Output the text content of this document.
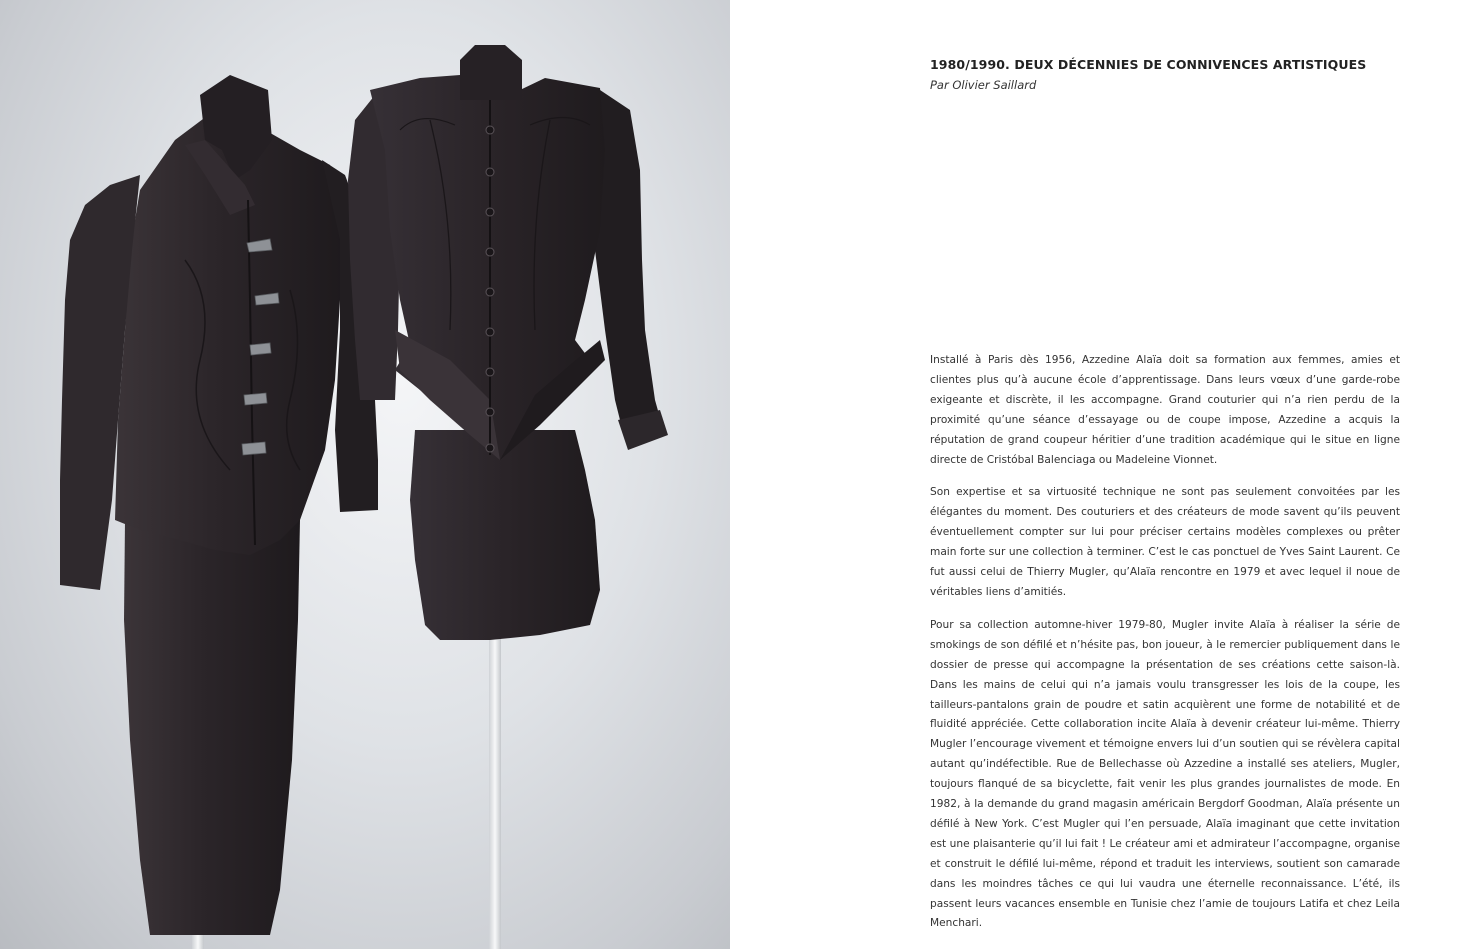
1980/1990. DEUX DÉCENNIES DE CONNIVENCES ARTISTIQUES

Par Olivier Saillard

Installé à Paris dès 1956, Azzedine Alaïa doit sa formation aux femmes, amies et clientes plus qu’à aucune école d’apprentissage. Dans leurs vœux d’une garde-robe exigeante et discrète, il les accompagne. Grand couturier qui n’a rien perdu de la proximité qu’une séance d’essayage ou de coupe impose, Azzedine a acquis la réputation de grand coupeur héritier d’une tradition académique qui le situe en ligne directe de Cristóbal Balenciaga ou Madeleine Vionnet.

Son expertise et sa virtuosité technique ne sont pas seulement convoitées par les élégantes du moment. Des couturiers et des créateurs de mode savent qu’ils peuvent éventuellement compter sur lui pour préciser certains modèles complexes ou prêter main forte sur une collection à terminer. C’est le cas ponctuel de Yves Saint Laurent. Ce fut aussi celui de Thierry Mugler, qu’Alaïa rencontre en 1979 et avec lequel il noue de véritables liens d’amitiés.

Pour sa collection automne-hiver 1979-80, Mugler invite Alaïa à réaliser la série de smokings de son défilé et n’hésite pas, bon joueur, à le remercier publiquement dans le dossier de presse qui accompagne la présentation de ses créations cette saison-là. Dans les mains de celui qui n’a jamais voulu transgresser les lois de la coupe, les tailleurs-pantalons grain de poudre et satin acquièrent une forme de notabilité et de fluidité appréciée. Cette collaboration incite Alaïa à devenir créateur lui-même. Thierry Mugler l’encourage vivement et témoigne envers lui d’un soutien qui se révèlera capital autant qu’indéfectible. Rue de Bellechasse où Azzedine a installé ses ateliers, Mugler, toujours flanqué de sa bicyclette, fait venir les plus grandes journalistes de mode. En 1982, à la demande du grand magasin américain Bergdorf Goodman, Alaïa présente un défilé à New York. C’est Mugler qui l’en persuade, Alaïa imaginant que cette invitation est une plaisanterie qu’il lui fait ! Le créateur ami et admirateur l’accompagne, organise et construit le défilé lui-même, répond et traduit les interviews, soutient son camarade dans les moindres tâches ce qui lui vaudra une éternelle reconnaissance. L’été, ils passent leurs vacances ensemble en Tunisie chez l’amie de toujours Latifa et chez Leila Menchari.
